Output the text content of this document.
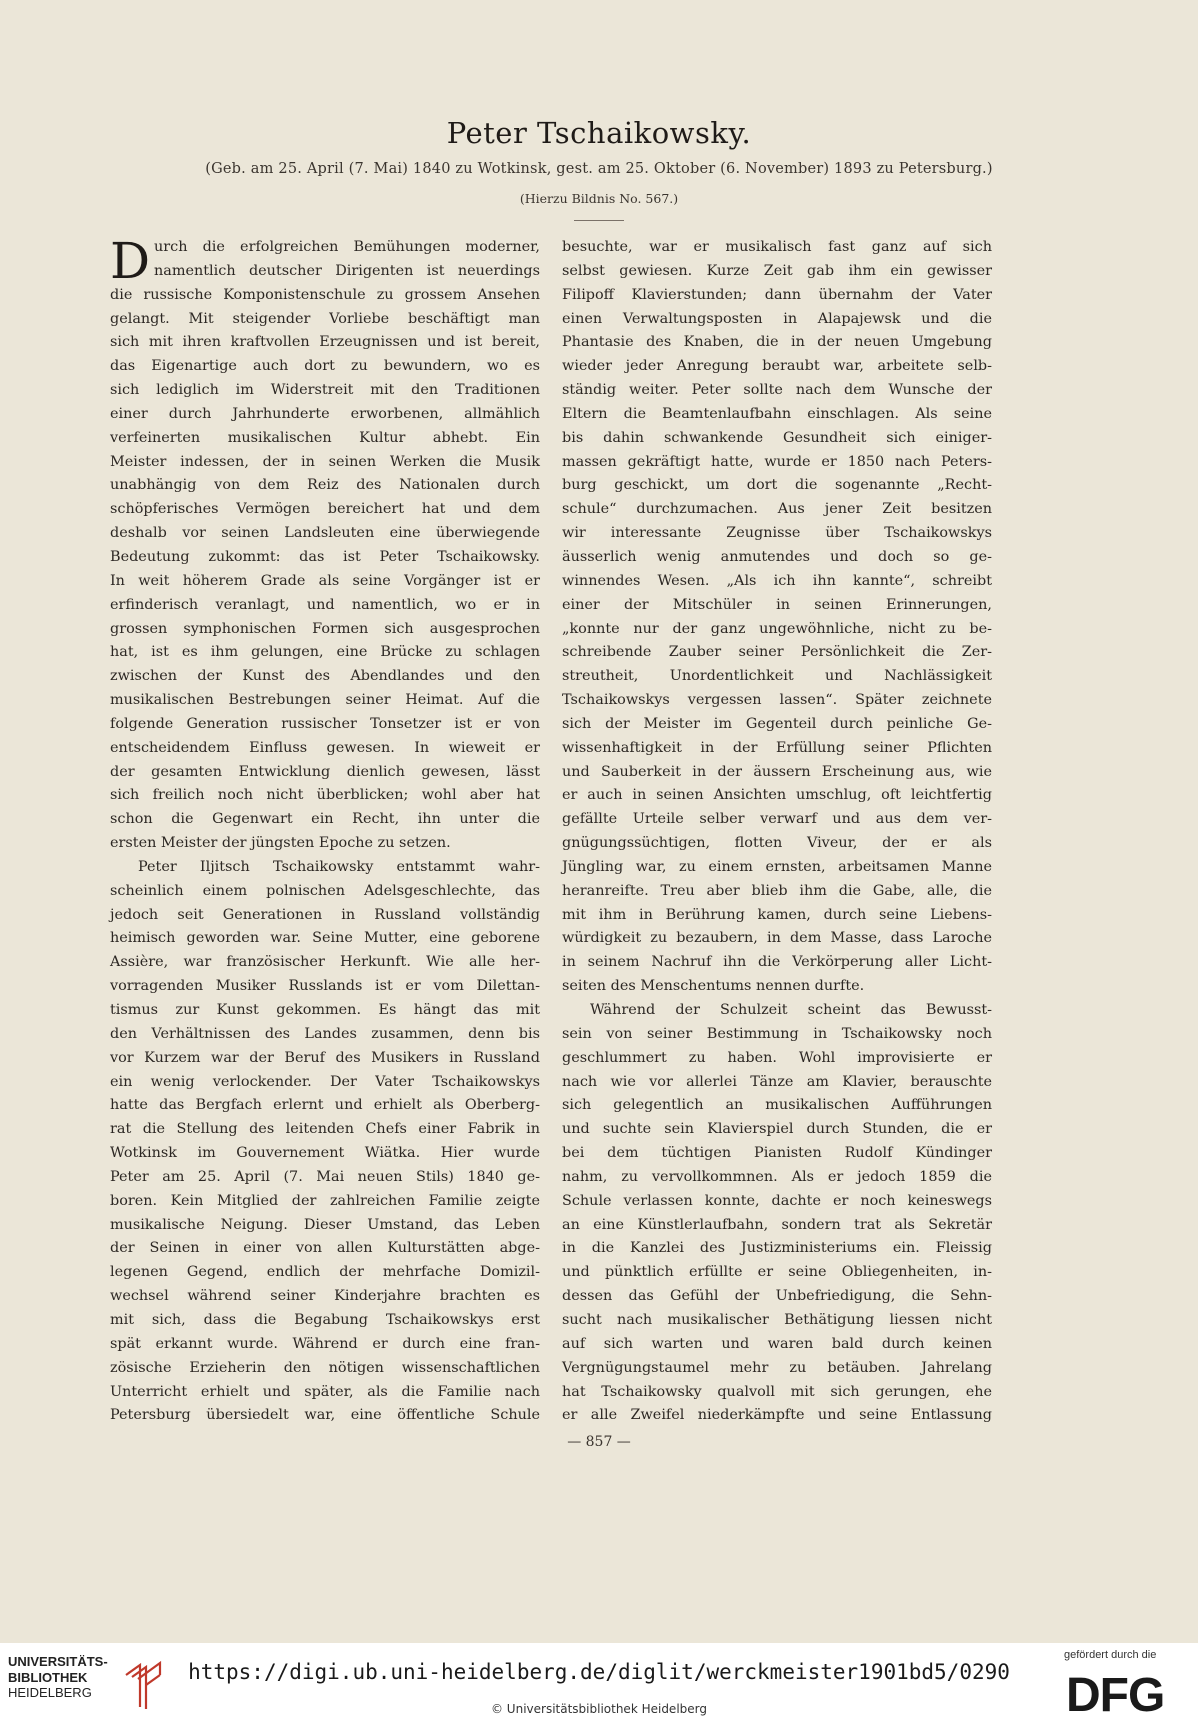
Peter Tschaikowsky.
(Geb. am 25. April (7. Mai) 1840 zu Wotkinsk, gest. am 25. Oktober (6. November) 1893 zu Petersburg.)
(Hierzu Bildnis No. 567.)
D urch die erfolgreichen Bemühungen moderner,
namentlich deutscher Dirigenten ist neuerdings
die russische Komponistenschule zu grossem Ansehen
gelangt. Mit steigender Vorliebe beschäftigt man
sich mit ihren kraftvollen Erzeugnissen und ist bereit,
das Eigenartige auch dort zu bewundern, wo es
sich lediglich im Widerstreit mit den Traditionen
einer durch Jahrhunderte erworbenen, allmählich
verfeinerten musikalischen Kultur abhebt. Ein
Meister indessen, der in seinen Werken die Musik
unabhängig von dem Reiz des Nationalen durch
schöpferisches Vermögen bereichert hat und dem
deshalb vor seinen Landsleuten eine überwiegende
Bedeutung zukommt: das ist Peter Tschaikowsky.
In weit höherem Grade als seine Vorgänger ist er
erfinderisch veranlagt, und namentlich, wo er in
grossen symphonischen Formen sich ausgesprochen
hat, ist es ihm gelungen, eine Brücke zu schlagen
zwischen der Kunst des Abendlandes und den
musikalischen Bestrebungen seiner Heimat. Auf die
folgende Generation russischer Tonsetzer ist er von
entscheidendem Einfluss gewesen. In wieweit er
der gesamten Entwicklung dienlich gewesen, lässt
sich freilich noch nicht überblicken; wohl aber hat
schon die Gegenwart ein Recht, ihn unter die
ersten Meister der jüngsten Epoche zu setzen.
Peter Iljitsch Tschaikowsky entstammt wahr-
scheinlich einem polnischen Adelsgeschlechte, das
jedoch seit Generationen in Russland vollständig
heimisch geworden war. Seine Mutter, eine geborene
Assière, war französischer Herkunft. Wie alle her-
vorragenden Musiker Russlands ist er vom Dilettan-
tismus zur Kunst gekommen. Es hängt das mit
den Verhältnissen des Landes zusammen, denn bis
vor Kurzem war der Beruf des Musikers in Russland
ein wenig verlockender. Der Vater Tschaikowskys
hatte das Bergfach erlernt und erhielt als Oberberg-
rat die Stellung des leitenden Chefs einer Fabrik in
Wotkinsk im Gouvernement Wiätka. Hier wurde
Peter am 25. April (7. Mai neuen Stils) 1840 ge-
boren. Kein Mitglied der zahlreichen Familie zeigte
musikalische Neigung. Dieser Umstand, das Leben
der Seinen in einer von allen Kulturstätten abge-
legenen Gegend, endlich der mehrfache Domizil-
wechsel während seiner Kinderjahre brachten es
mit sich, dass die Begabung Tschaikowskys erst
spät erkannt wurde. Während er durch eine fran-
zösische Erzieherin den nötigen wissenschaftlichen
Unterricht erhielt und später, als die Familie nach
Petersburg übersiedelt war, eine öffentliche Schule
besuchte, war er musikalisch fast ganz auf sich
selbst gewiesen. Kurze Zeit gab ihm ein gewisser
Filipoff Klavierstunden; dann übernahm der Vater
einen Verwaltungsposten in Alapajewsk und die
Phantasie des Knaben, die in der neuen Umgebung
wieder jeder Anregung beraubt war, arbeitete selb-
ständig weiter. Peter sollte nach dem Wunsche der
Eltern die Beamtenlaufbahn einschlagen. Als seine
bis dahin schwankende Gesundheit sich einiger-
massen gekräftigt hatte, wurde er 1850 nach Peters-
burg geschickt, um dort die sogenannte „Recht-
schule“ durchzumachen. Aus jener Zeit besitzen
wir interessante Zeugnisse über Tschaikowskys
äusserlich wenig anmutendes und doch so ge-
winnendes Wesen. „Als ich ihn kannte“, schreibt
einer der Mitschüler in seinen Erinnerungen,
„konnte nur der ganz ungewöhnliche, nicht zu be-
schreibende Zauber seiner Persönlichkeit die Zer-
streutheit, Unordentlichkeit und Nachlässigkeit
Tschaikowskys vergessen lassen“. Später zeichnete
sich der Meister im Gegenteil durch peinliche Ge-
wissenhaftigkeit in der Erfüllung seiner Pflichten
und Sauberkeit in der äussern Erscheinung aus, wie
er auch in seinen Ansichten umschlug, oft leichtfertig
gefällte Urteile selber verwarf und aus dem ver-
gnügungssüchtigen, flotten Viveur, der er als
Jüngling war, zu einem ernsten, arbeitsamen Manne
heranreifte. Treu aber blieb ihm die Gabe, alle, die
mit ihm in Berührung kamen, durch seine Liebens-
würdigkeit zu bezaubern, in dem Masse, dass Laroche
in seinem Nachruf ihn die Verkörperung aller Licht-
seiten des Menschentums nennen durfte.
Während der Schulzeit scheint das Bewusst-
sein von seiner Bestimmung in Tschaikowsky noch
geschlummert zu haben. Wohl improvisierte er
nach wie vor allerlei Tänze am Klavier, berauschte
sich gelegentlich an musikalischen Aufführungen
und suchte sein Klavierspiel durch Stunden, die er
bei dem tüchtigen Pianisten Rudolf Kündinger
nahm, zu vervollkommnen. Als er jedoch 1859 die
Schule verlassen konnte, dachte er noch keineswegs
an eine Künstlerlaufbahn, sondern trat als Sekretär
in die Kanzlei des Justizministeriums ein. Fleissig
und pünktlich erfüllte er seine Obliegenheiten, in-
dessen das Gefühl der Unbefriedigung, die Sehn-
sucht nach musikalischer Bethätigung liessen nicht
auf sich warten und waren bald durch keinen
Vergnügungstaumel mehr zu betäuben. Jahrelang
hat Tschaikowsky qualvoll mit sich gerungen, ehe
er alle Zweifel niederkämpfte und seine Entlassung
— 857 —
UNIVERSITÄTS-
BIBLIOTHEK
HEIDELBERG
https://digi.ub.uni-heidelberg.de/diglit/werckmeister1901bd5/0290
© Universitätsbibliothek Heidelberg
gefördert durch die
DFG
